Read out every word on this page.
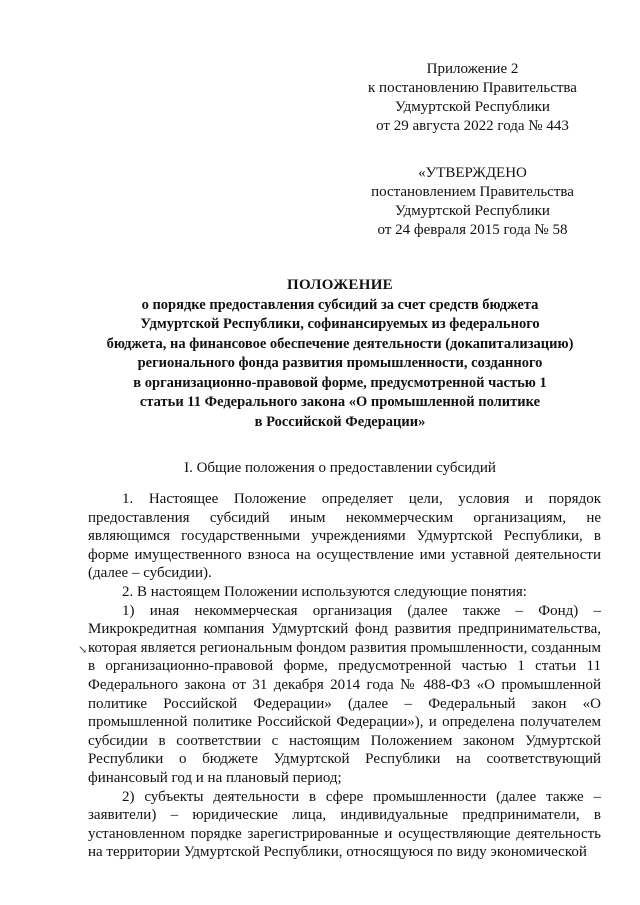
Приложение 2
к постановлению Правительства
Удмуртской Республики
от 29 августа 2022 года № 443
«УТВЕРЖДЕНО
постановлением Правительства
Удмуртской Республики
от 24 февраля 2015 года № 58
ПОЛОЖЕНИЕ
о порядке предоставления субсидий за счет средств бюджета
Удмуртской Республики, софинансируемых из федерального
бюджета, на финансовое обеспечение деятельности (докапитализацию)
регионального фонда развития промышленности, созданного
в организационно-правовой форме, предусмотренной частью 1
статьи 11 Федерального закона «О промышленной политике
в Российской Федерации»
I. Общие положения о предоставлении субсидий

1. Настоящее Положение определяет цели, условия и порядок предоставления субсидий иным некоммерческим организациям, не являющимся государственными учреждениями Удмуртской Республики, в форме имущественного взноса на осуществление ими уставной деятельности (далее – субсидии).

2. В настоящем Положении используются следующие понятия:

1) иная некоммерческая организация (далее также – Фонд) – Микрокредитная компания Удмуртский фонд развития предпринимательства, которая является региональным фондом развития промышленности, созданным в организационно-правовой форме, предусмотренной частью 1 статьи 11 Федерального закона от 31 декабря 2014 года № 488-ФЗ «О промышленной политике Российской Федерации» (далее – Федеральный закон «О промышленной политике Российской Федерации»), и определена получателем субсидии в соответствии с настоящим Положением законом Удмуртской Республики о бюджете Удмуртской Республики на соответствующий финансовый год и на плановый период;

2) субъекты деятельности в сфере промышленности (далее также – заявители) – юридические лица, индивидуальные предприниматели, в установленном порядке зарегистрированные и осуществляющие деятельность на территории Удмуртской Республики, относящуюся по виду экономической

↘
